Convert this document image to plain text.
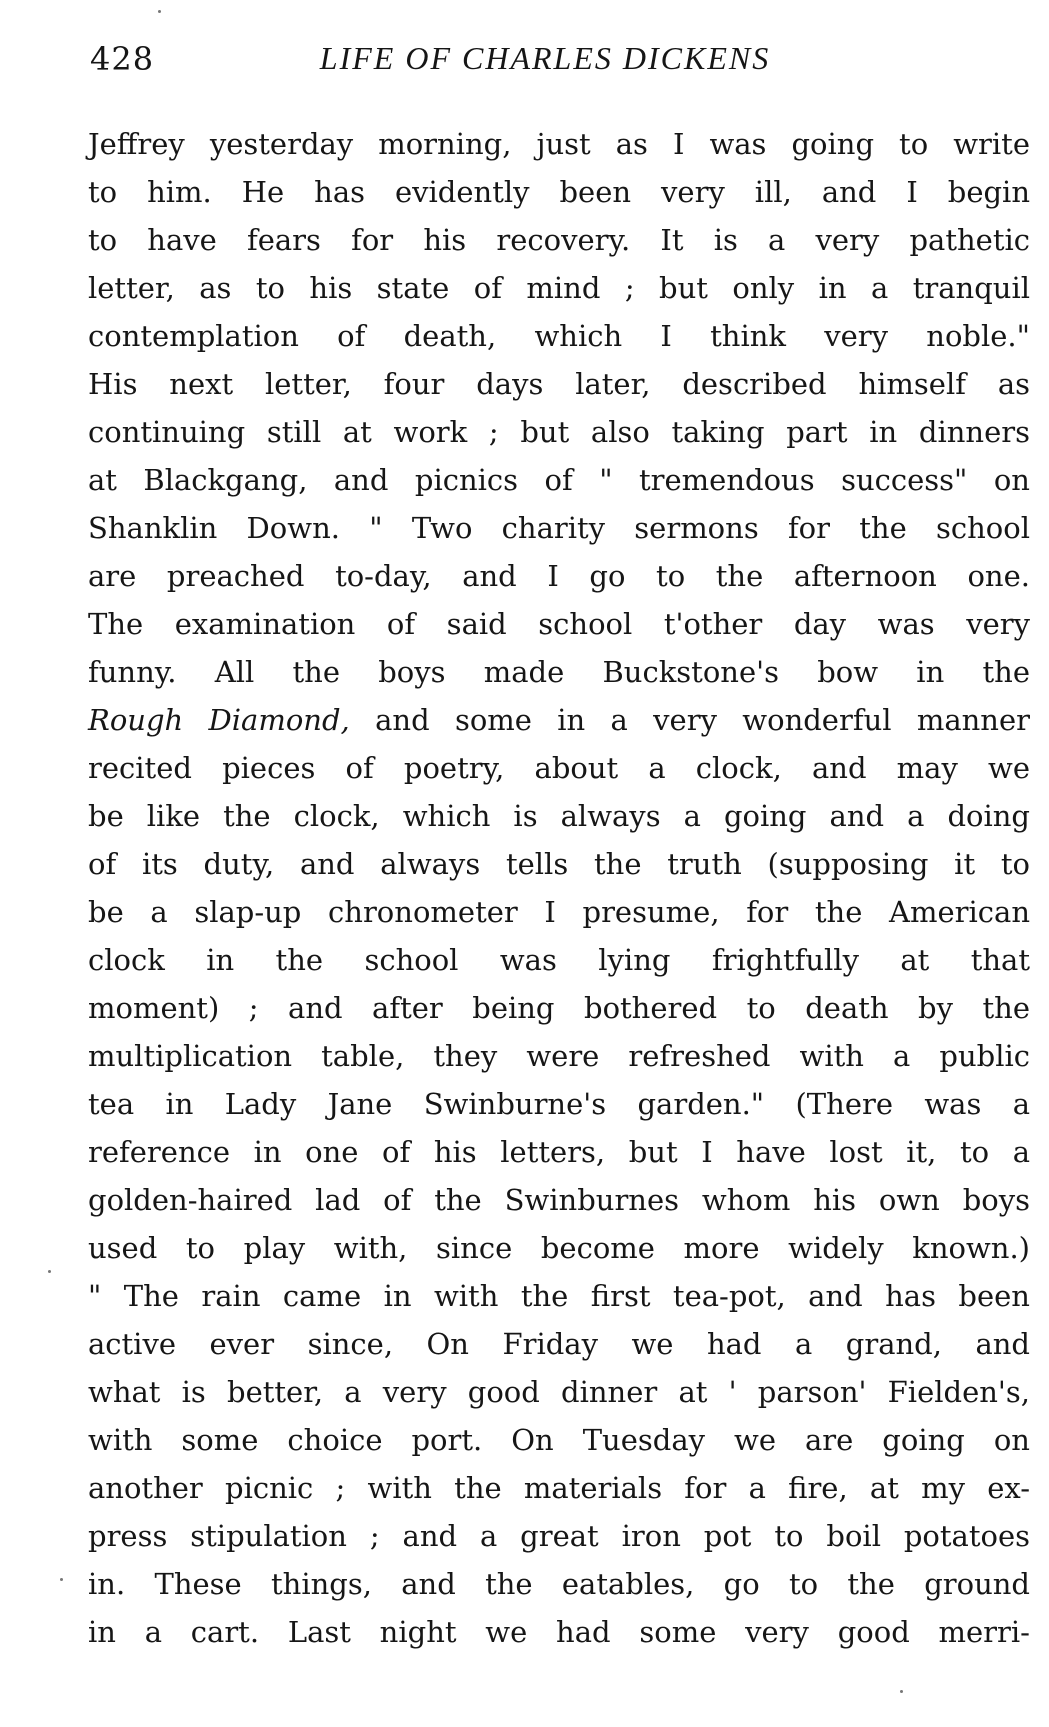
428	LIFE OF CHARLES DICKENS
Jeffrey yesterday morning, just as I was going to write
to him. He has evidently been very ill, and I begin
to have fears for his recovery. It is a very pathetic
letter, as to his state of mind ; but only in a tranquil
contemplation of death, which I think very noble."
His next letter, four days later, described himself as
continuing still at work ; but also taking part in dinners
at Blackgang, and picnics of " tremendous success" on
Shanklin Down. " Two charity sermons for the school
are preached to-day, and I go to the afternoon one.
The examination of said school t'other day was very
funny. All the boys made Buckstone's bow in the
Rough Diamond, and some in a very wonderful manner
recited pieces of poetry, about a clock, and may we
be like the clock, which is always a going and a doing
of its duty, and always tells the truth (supposing it to
be a slap-up chronometer I presume, for the American
clock in the school was lying frightfully at that
moment) ; and after being bothered to death by the
multiplication table, they were refreshed with a public
tea in Lady Jane Swinburne's garden." (There was a
reference in one of his letters, but I have lost it, to a
golden-haired lad of the Swinburnes whom his own boys
used to play with, since become more widely known.)
" The rain came in with the first tea-pot, and has been
active ever since, On Friday we had a grand, and
what is better, a very good dinner at ' parson' Fielden's,
with some choice port. On Tuesday we are going on
another picnic ; with the materials for a fire, at my ex-
press stipulation ; and a great iron pot to boil potatoes
in. These things, and the eatables, go to the ground
in a cart. Last night we had some very good merri-
